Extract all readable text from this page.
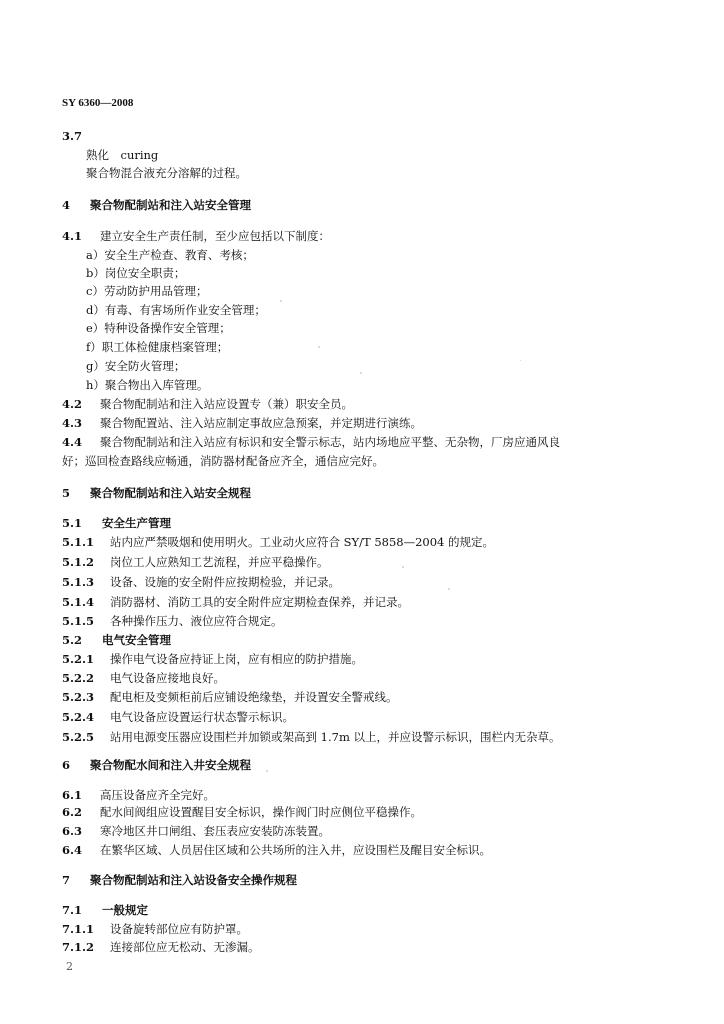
SY 6360—2008
3.7
熟化　curing
聚合物混合液充分溶解的过程。
4 聚合物配制站和注入站安全管理
4.1 建立安全生产责任制，至少应包括以下制度：
a）安全生产检查、教育、考核；
b）岗位安全职责；
c）劳动防护用品管理；
d）有毒、有害场所作业安全管理；
e）特种设备操作安全管理；
f）职工体检健康档案管理；
g）安全防火管理；
h）聚合物出入库管理。
4.2 聚合物配制站和注入站应设置专（兼）职安全员。
4.3 聚合物配置站、注入站应制定事故应急预案，并定期进行演练。
4.4 聚合物配制站和注入站应有标识和安全警示标志，站内场地应平整、无杂物，厂房应通风良
好；巡回检查路线应畅通，消防器材配备应齐全，通信应完好。
5 聚合物配制站和注入站安全规程
5.1 安全生产管理
5.1.1 站内应严禁吸烟和使用明火。工业动火应符合 SY/T 5858—2004 的规定。
5.1.2 岗位工人应熟知工艺流程，并应平稳操作。
5.1.3 设备、设施的安全附件应按期检验，并记录。
5.1.4 消防器材、消防工具的安全附件应定期检查保养，并记录。
5.1.5 各种操作压力、液位应符合规定。
5.2 电气安全管理
5.2.1 操作电气设备应持证上岗，应有相应的防护措施。
5.2.2 电气设备应接地良好。
5.2.3 配电柜及变频柜前后应铺设绝缘垫，并设置安全警戒线。
5.2.4 电气设备应设置运行状态警示标识。
5.2.5 站用电源变压器应设围栏并加锁或架高到 1.7m 以上，并应设警示标识，围栏内无杂草。
6 聚合物配水间和注入井安全规程
6.1 高压设备应齐全完好。
6.2 配水间阀组应设置醒目安全标识，操作阀门时应侧位平稳操作。
6.3 寒冷地区井口闸组、套压表应安装防冻装置。
6.4 在繁华区域、人员居住区域和公共场所的注入井，应设围栏及醒目安全标识。
7 聚合物配制站和注入站设备安全操作规程
7.1 一般规定
7.1.1 设备旋转部位应有防护罩。
7.1.2 连接部位应无松动、无渗漏。
2
